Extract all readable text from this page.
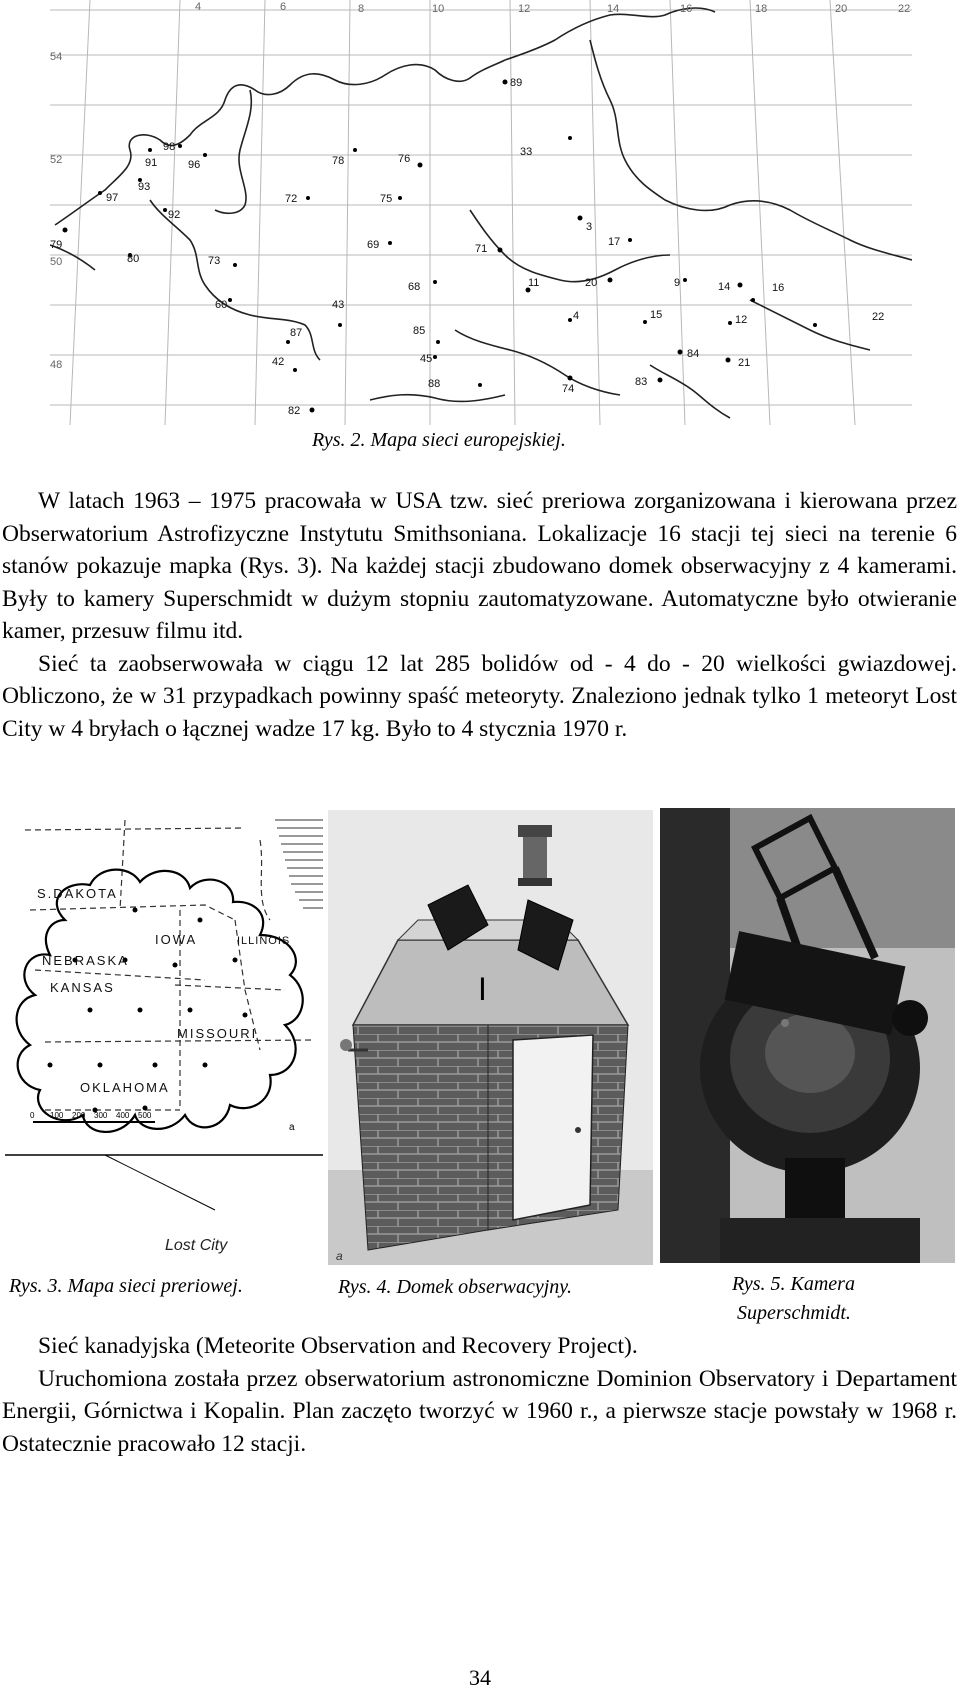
89
33
98
91	96
97
93
92
78	76
72	75
69	71
3
17
80
79
73
68	11	20	9	14	16
43
60
4	15	12	22
85
87
45	84
42	21
88	74
83
82
4	6	8	10	12	14	16	18	20	22
54
52
50
48
Rys. 2. Mapa sieci europejskiej.

W latach 1963 – 1975 pracowała w USA tzw. sieć preriowa zorganizowana i kierowana przez Obserwatorium Astrofizyczne Instytutu Smithsoniana. Lokalizacje 16 stacji tej sieci na terenie 6 stanów pokazuje mapka (Rys. 3). Na każdej stacji zbudowano domek obserwacyjny z 4 kamerami. Były to kamery Superschmidt w dużym stopniu zautomatyzowane. Automatyczne było otwieranie kamer, przesuw filmu itd.

Sieć ta zaobserwowała w ciągu 12 lat 285 bolidów od - 4 do - 20 wielkości gwiazdowej. Obliczono, że w 31 przypadkach powinny spaść meteoryty. Znaleziono jednak tylko 1 meteoryt Lost City w 4 bryłach o łącznej wadze 17 kg. Było to 4 stycznia 1970 r.

S.DAKOTA
IOWA	ILLINOIS
NEBRASKA
KANSAS
MISSOURI
OKLAHOMA
0 100 200 300 400 500
a
Lost City
Rys. 3. Mapa sieci preriowej.
I
a
Rys. 4. Domek obserwacyjny.	Rys. 5. Kamera
Superschmidt.

Sieć kanadyjska (Meteorite Observation and Recovery Project).

Uruchomiona została przez obserwatorium astronomiczne Dominion Observatory i Departament Energii, Górnictwa i Kopalin. Plan zaczęto tworzyć w 1960 r., a pierwsze stacje powstały w 1968 r. Ostatecznie pracowało 12 stacji.

34
